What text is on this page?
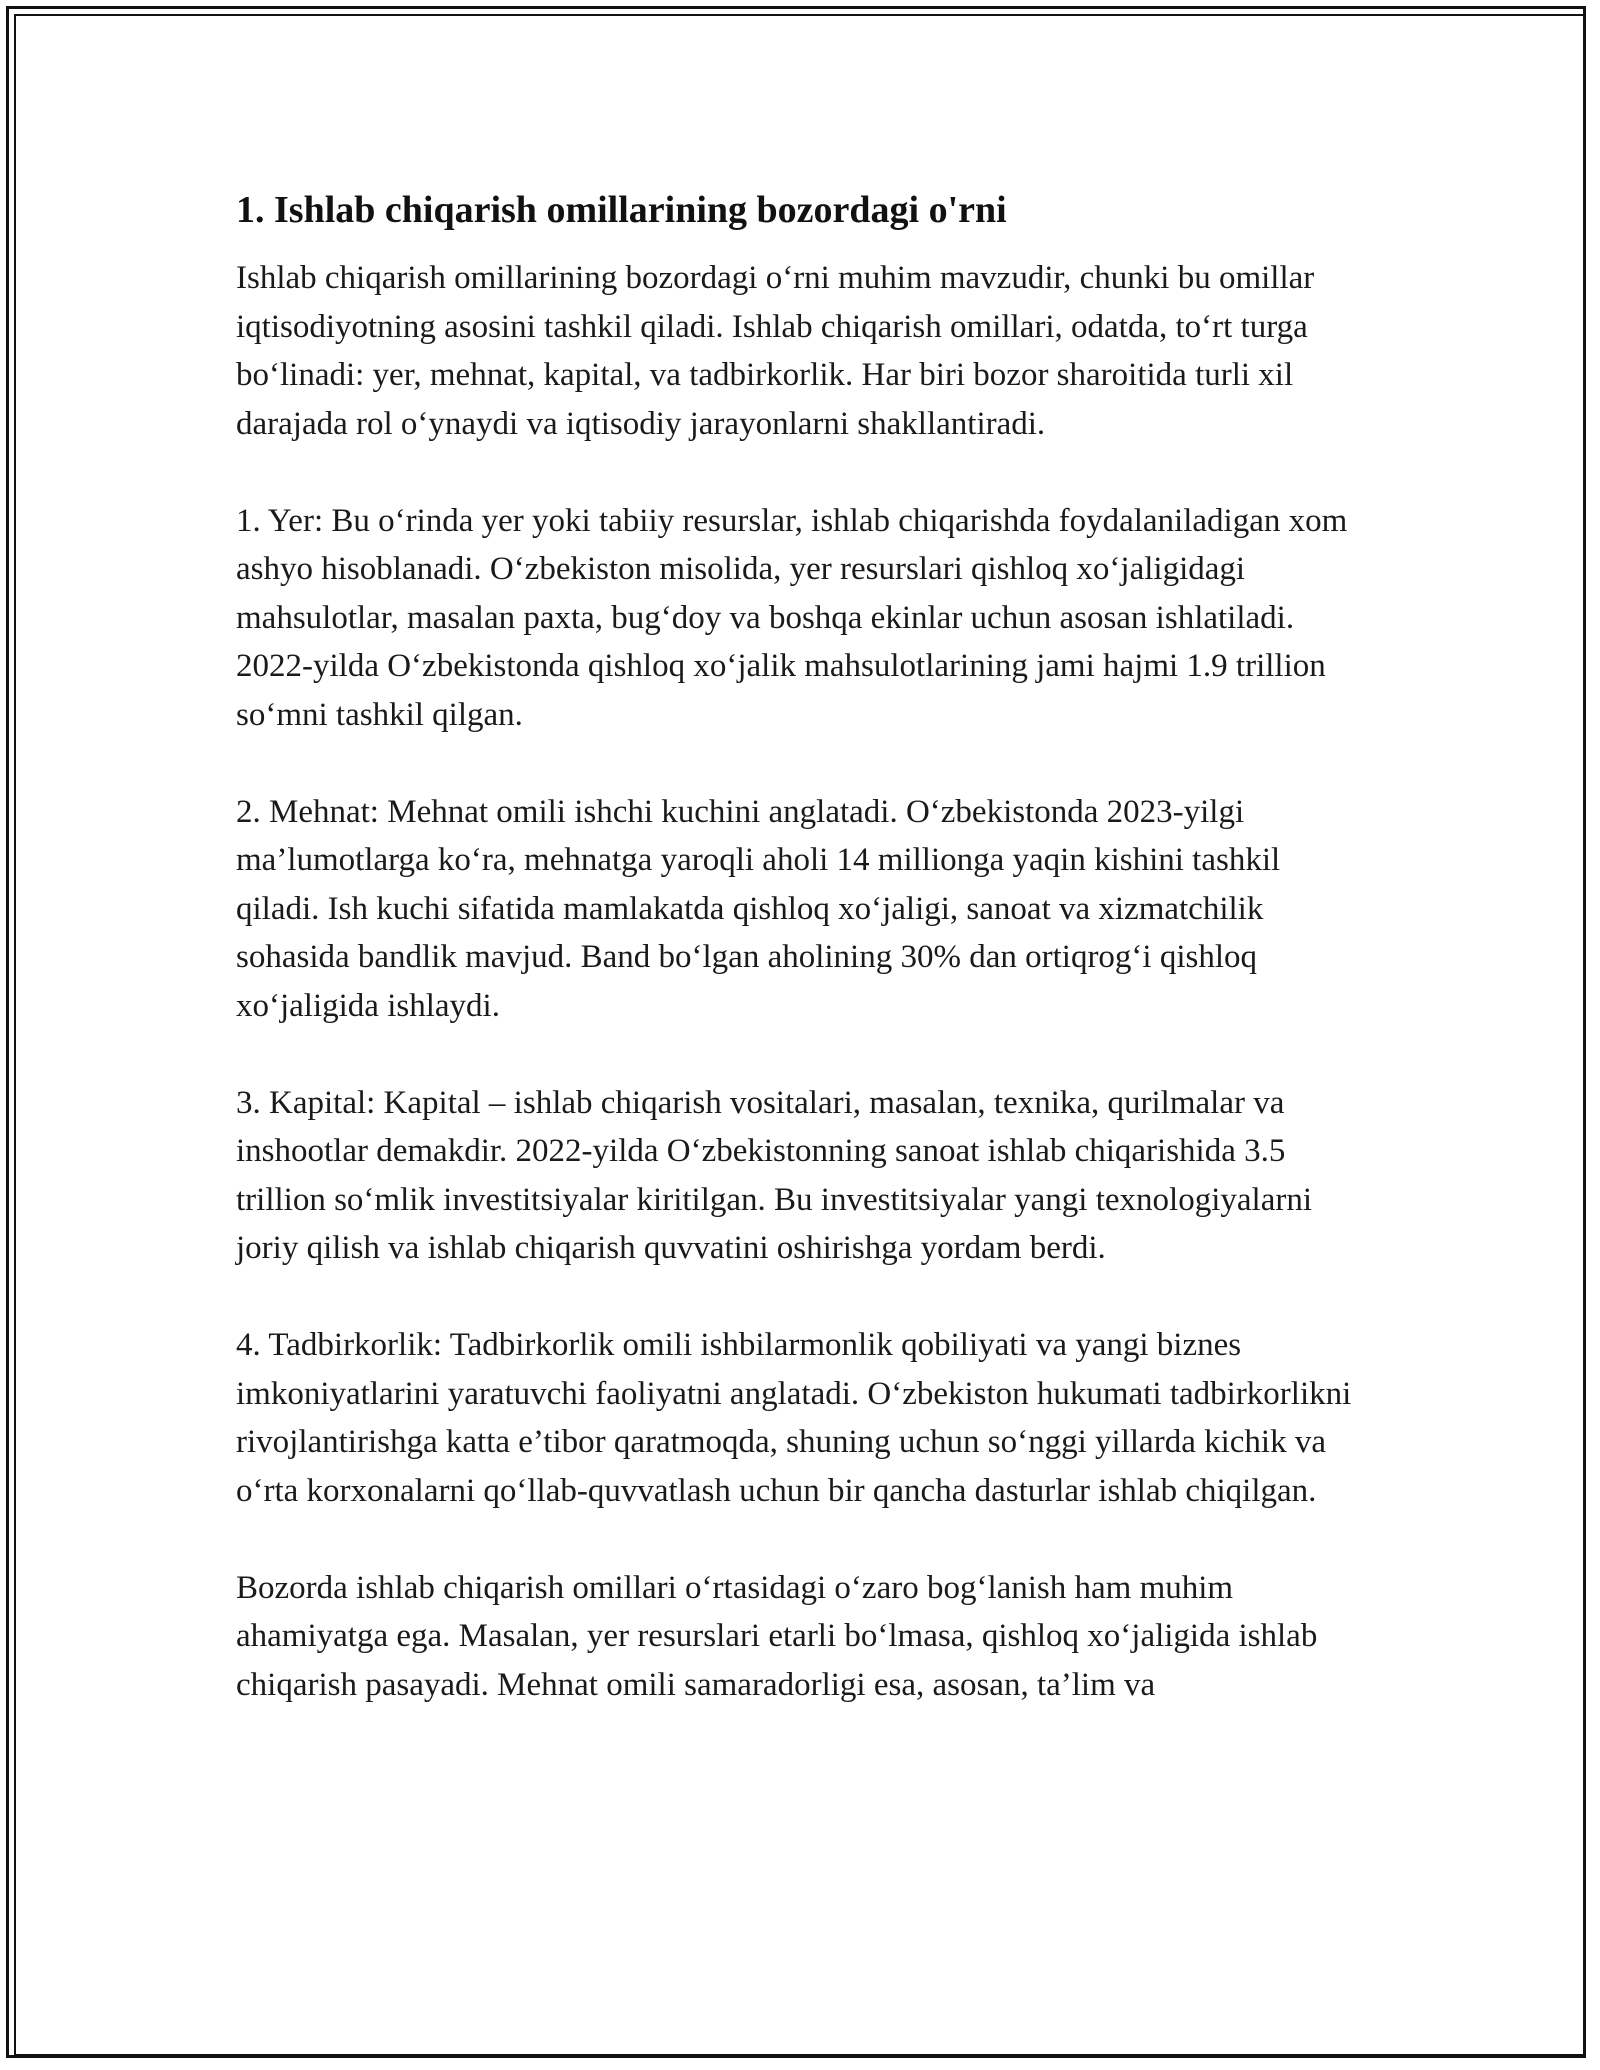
1. Ishlab chiqarish omillarining bozordagi o'rni

Ishlab chiqarish omillarining bozordagi o‘rni muhim mavzudir, chunki bu omillar iqtisodiyotning asosini tashkil qiladi. Ishlab chiqarish omillari, odatda, to‘rt turga bo‘linadi: yer, mehnat, kapital, va tadbirkorlik. Har biri bozor sharoitida turli xil darajada rol o‘ynaydi va iqtisodiy jarayonlarni shakllantiradi.

1. Yer: Bu o‘rinda yer yoki tabiiy resurslar, ishlab chiqarishda foydalaniladigan xom ashyo hisoblanadi. O‘zbekiston misolida, yer resurslari qishloq xo‘jaligidagi mahsulotlar, masalan paxta, bug‘doy va boshqa ekinlar uchun asosan ishlatiladi. 2022-yilda O‘zbekistonda qishloq xo‘jalik mahsulotlarining jami hajmi 1.9 trillion so‘mni tashkil qilgan.

2. Mehnat: Mehnat omili ishchi kuchini anglatadi. O‘zbekistonda 2023-yilgi ma’lumotlarga ko‘ra, mehnatga yaroqli aholi 14 millionga yaqin kishini tashkil qiladi. Ish kuchi sifatida mamlakatda qishloq xo‘jaligi, sanoat va xizmatchilik sohasida bandlik mavjud. Band bo‘lgan aholining 30% dan ortiqrog‘i qishloq xo‘jaligida ishlaydi.

3. Kapital: Kapital – ishlab chiqarish vositalari, masalan, texnika, qurilmalar va inshootlar demakdir. 2022-yilda O‘zbekistonning sanoat ishlab chiqarishida 3.5 trillion so‘mlik investitsiyalar kiritilgan. Bu investitsiyalar yangi texnologiyalarni joriy qilish va ishlab chiqarish quvvatini oshirishga yordam berdi.

4. Tadbirkorlik: Tadbirkorlik omili ishbilarmonlik qobiliyati va yangi biznes imkoniyatlarini yaratuvchi faoliyatni anglatadi. O‘zbekiston hukumati tadbirkorlikni rivojlantirishga katta e’tibor qaratmoqda, shuning uchun so‘nggi yillarda kichik va o‘rta korxonalarni qo‘llab-quvvatlash uchun bir qancha dasturlar ishlab chiqilgan.

Bozorda ishlab chiqarish omillari o‘rtasidagi o‘zaro bog‘lanish ham muhim ahamiyatga ega. Masalan, yer resurslari etarli bo‘lmasa, qishloq xo‘jaligida ishlab chiqarish pasayadi. Mehnat omili samaradorligi esa, asosan, ta’lim va
